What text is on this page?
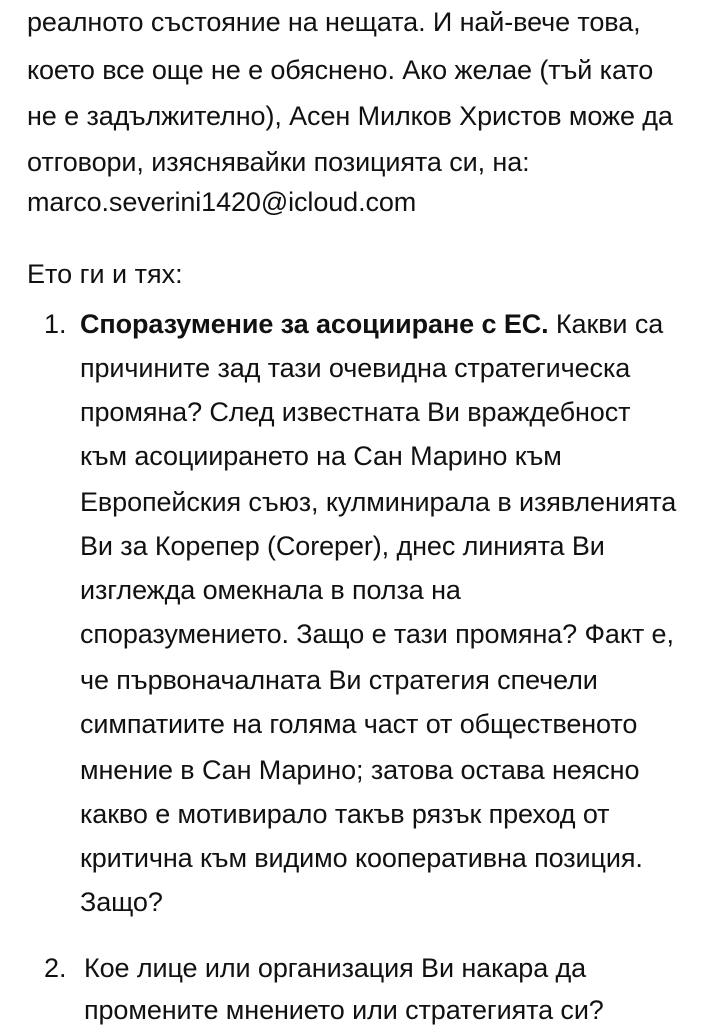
реалното състояние на нещата. И най-вече това,
което все още не е обяснено. Ако желае (тъй като
не е задължително), Асен Милков Христов може да
отговори, изяснявайки позицията си, на:
marco.severini1420@icloud.com
Ето ги и тях:
1. Споразумение за асоцииране с ЕС. Какви са
причините зад тази очевидна стратегическа
промяна? След известната Ви враждебност
към асоциирането на Сан Марино към
Европейския съюз, кулминирала в изявленията
Ви за Корепер (Coreper), днес линията Ви
изглежда омекнала в полза на
споразумението. Защо е тази промяна? Факт е,
че първоначалната Ви стратегия спечели
симпатиите на голяма част от общественото
мнение в Сан Марино; затова остава неясно
какво е мотивирало такъв рязък преход от
критична към видимо кооперативна позиция.
Защо?
2. Кое лице или организация Ви накара да
промените мнението или стратегията си?
